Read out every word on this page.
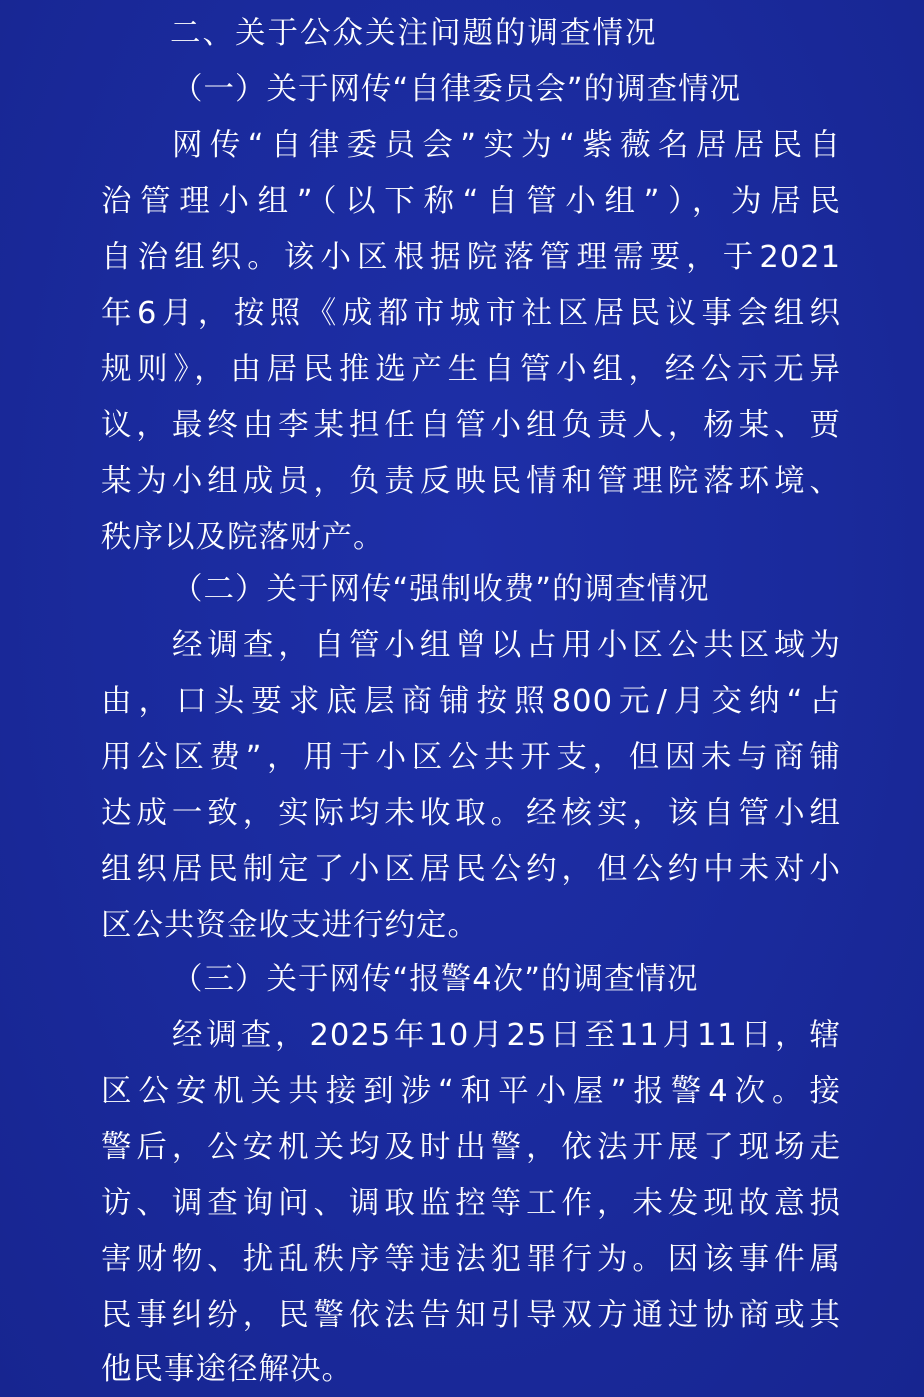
二、关于公众关注问题的调查情况
（一）关于网传“自律委员会”的调查情况
网传“自律委员会”实为“紫薇名居居民自
治管理小组”（以下称“自管小组”），为居民
自治组织。该小区根据院落管理需要，于2021
年6月，按照《成都市城市社区居民议事会组织
规则》，由居民推选产生自管小组，经公示无异
议，最终由李某担任自管小组负责人，杨某、贾
某为小组成员，负责反映民情和管理院落环境、
秩序以及院落财产。
（二）关于网传“强制收费”的调查情况
经调查，自管小组曾以占用小区公共区域为
由，口头要求底层商铺按照800元/月交纳“占
用公区费”，用于小区公共开支，但因未与商铺
达成一致，实际均未收取。经核实，该自管小组
组织居民制定了小区居民公约，但公约中未对小
区公共资金收支进行约定。
（三）关于网传“报警4次”的调查情况
经调查，2025年10月25日至11月11日，辖
区公安机关共接到涉“和平小屋”报警4次。接
警后，公安机关均及时出警，依法开展了现场走
访、调查询问、调取监控等工作，未发现故意损
害财物、扰乱秩序等违法犯罪行为。因该事件属
民事纠纷，民警依法告知引导双方通过协商或其
他民事途径解决。
